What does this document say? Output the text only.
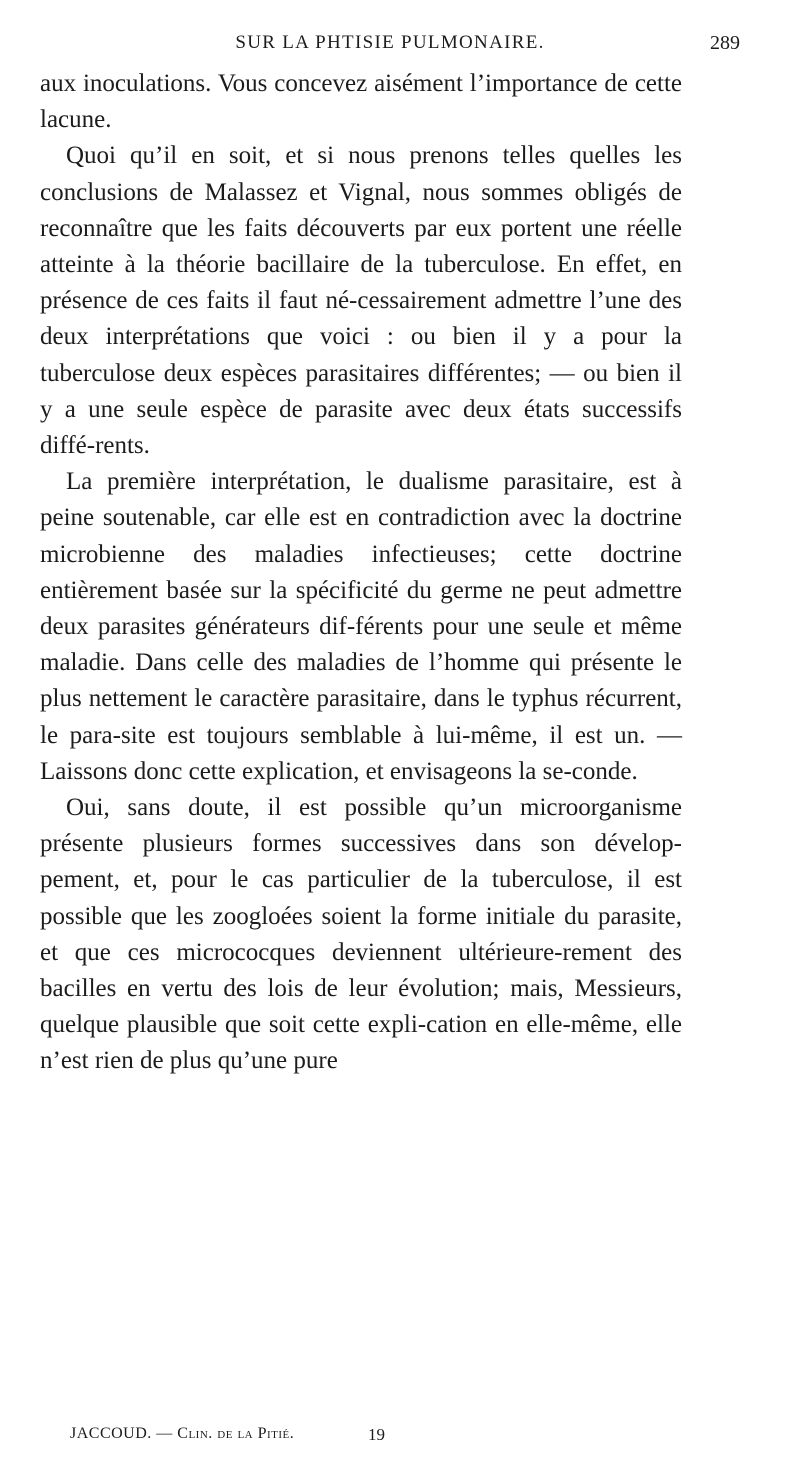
SUR LA PHTISIE PULMONAIRE.	289

aux inoculations. Vous concevez aisément l’importance de cette lacune.

Quoi qu’il en soit, et si nous prenons telles quelles les conclusions de Malassez et Vignal, nous sommes obligés de reconnaître que les faits découverts par eux portent une réelle atteinte à la théorie bacillaire de la tuberculose. En effet, en présence de ces faits il faut né-cessairement admettre l’une des deux interprétations que voici : ou bien il y a pour la tuberculose deux espèces parasitaires différentes; — ou bien il y a une seule espèce de parasite avec deux états successifs diffé-rents.

La première interprétation, le dualisme parasitaire, est à peine soutenable, car elle est en contradiction avec la doctrine microbienne des maladies infectieuses; cette doctrine entièrement basée sur la spécificité du germe ne peut admettre deux parasites générateurs dif-férents pour une seule et même maladie. Dans celle des maladies de l’homme qui présente le plus nettement le caractère parasitaire, dans le typhus récurrent, le para-site est toujours semblable à lui-même, il est un. — Laissons donc cette explication, et envisageons la se-conde.

Oui, sans doute, il est possible qu’un microorganisme présente plusieurs formes successives dans son dévelop-pement, et, pour le cas particulier de la tuberculose, il est possible que les zoogloées soient la forme initiale du parasite, et que ces micrococques deviennent ultérieure-rement des bacilles en vertu des lois de leur évolution; mais, Messieurs, quelque plausible que soit cette expli-cation en elle-même, elle n’est rien de plus qu’une pure

JACCOUD. — Clin. de la Pitié.	19
